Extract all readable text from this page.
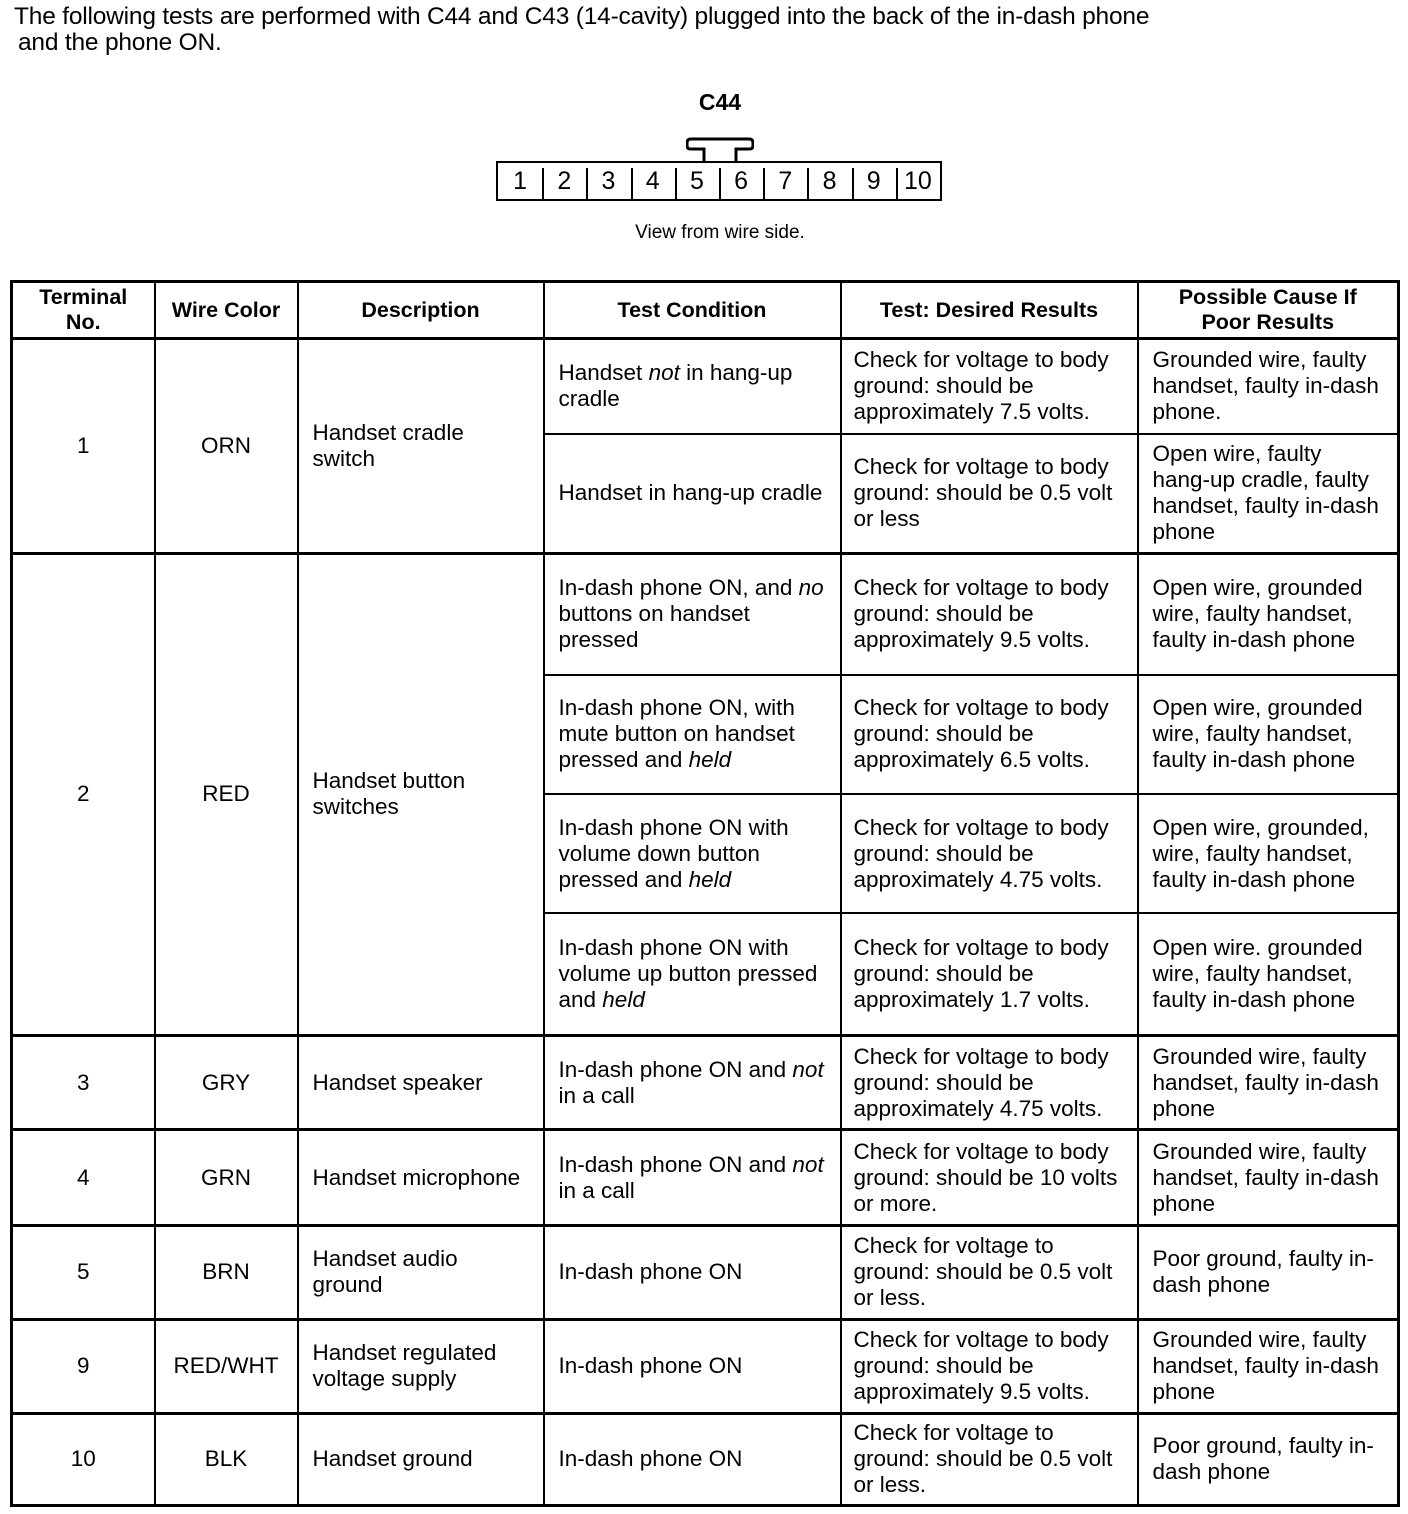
The following tests are performed with C44 and C43 (14-cavity) plugged into the back of the in-dash phone
and the phone ON.
C44
1	2	3	4	5	6	7	8	9 10
View from wire side.
Terminal No.	Wire Color	Description	Test Condition	Test: Desired Results	Possible Cause If Poor Results
1	ORN	Handset cradle switch	Handset not in hang-up cradle	Check for voltage to body ground: should be approximately 7.5 volts.	Grounded wire, faulty handset, faulty in-dash phone.
			Handset in hang-up cradle	Check for voltage to body ground: should be 0.5 volt or less	Open wire, faulty hang-up cradle, faulty handset, faulty in-dash phone
2	RED	Handset button switches	In-dash phone ON, and no buttons on handset pressed	Check for voltage to body ground: should be approximately 9.5 volts.	Open wire, grounded wire, faulty handset, faulty in-dash phone
			In-dash phone ON, with mute button on handset pressed and held	Check for voltage to body ground: should be approximately 6.5 volts.	Open wire, grounded wire, faulty handset, faulty in-dash phone
			In-dash phone ON with volume down button pressed and held	Check for voltage to body ground: should be approximately 4.75 volts.	Open wire, grounded, wire, faulty handset, faulty in-dash phone
			In-dash phone ON with volume up button pressed and held	Check for voltage to body ground: should be approximately 1.7 volts.	Open wire. grounded wire, faulty handset, faulty in-dash phone
3	GRY	Handset speaker	In-dash phone ON and not in a call	Check for voltage to body ground: should be approximately 4.75 volts.	Grounded wire, faulty handset, faulty in-dash phone
4	GRN	Handset microphone	In-dash phone ON and not in a call	Check for voltage to body ground: should be 10 volts or more.	Grounded wire, faulty handset, faulty in-dash phone
5	BRN	Handset audio ground	In-dash phone ON	Check for voltage to ground: should be 0.5 volt or less.	Poor ground, faulty in-dash phone
9	RED/WHT	Handset regulated voltage supply	In-dash phone ON	Check for voltage to body ground: should be approximately 9.5 volts.	Grounded wire, faulty handset, faulty in-dash phone
10	BLK	Handset ground	In-dash phone ON	Check for voltage to ground: should be 0.5 volt or less.	Poor ground, faulty in-dash phone
